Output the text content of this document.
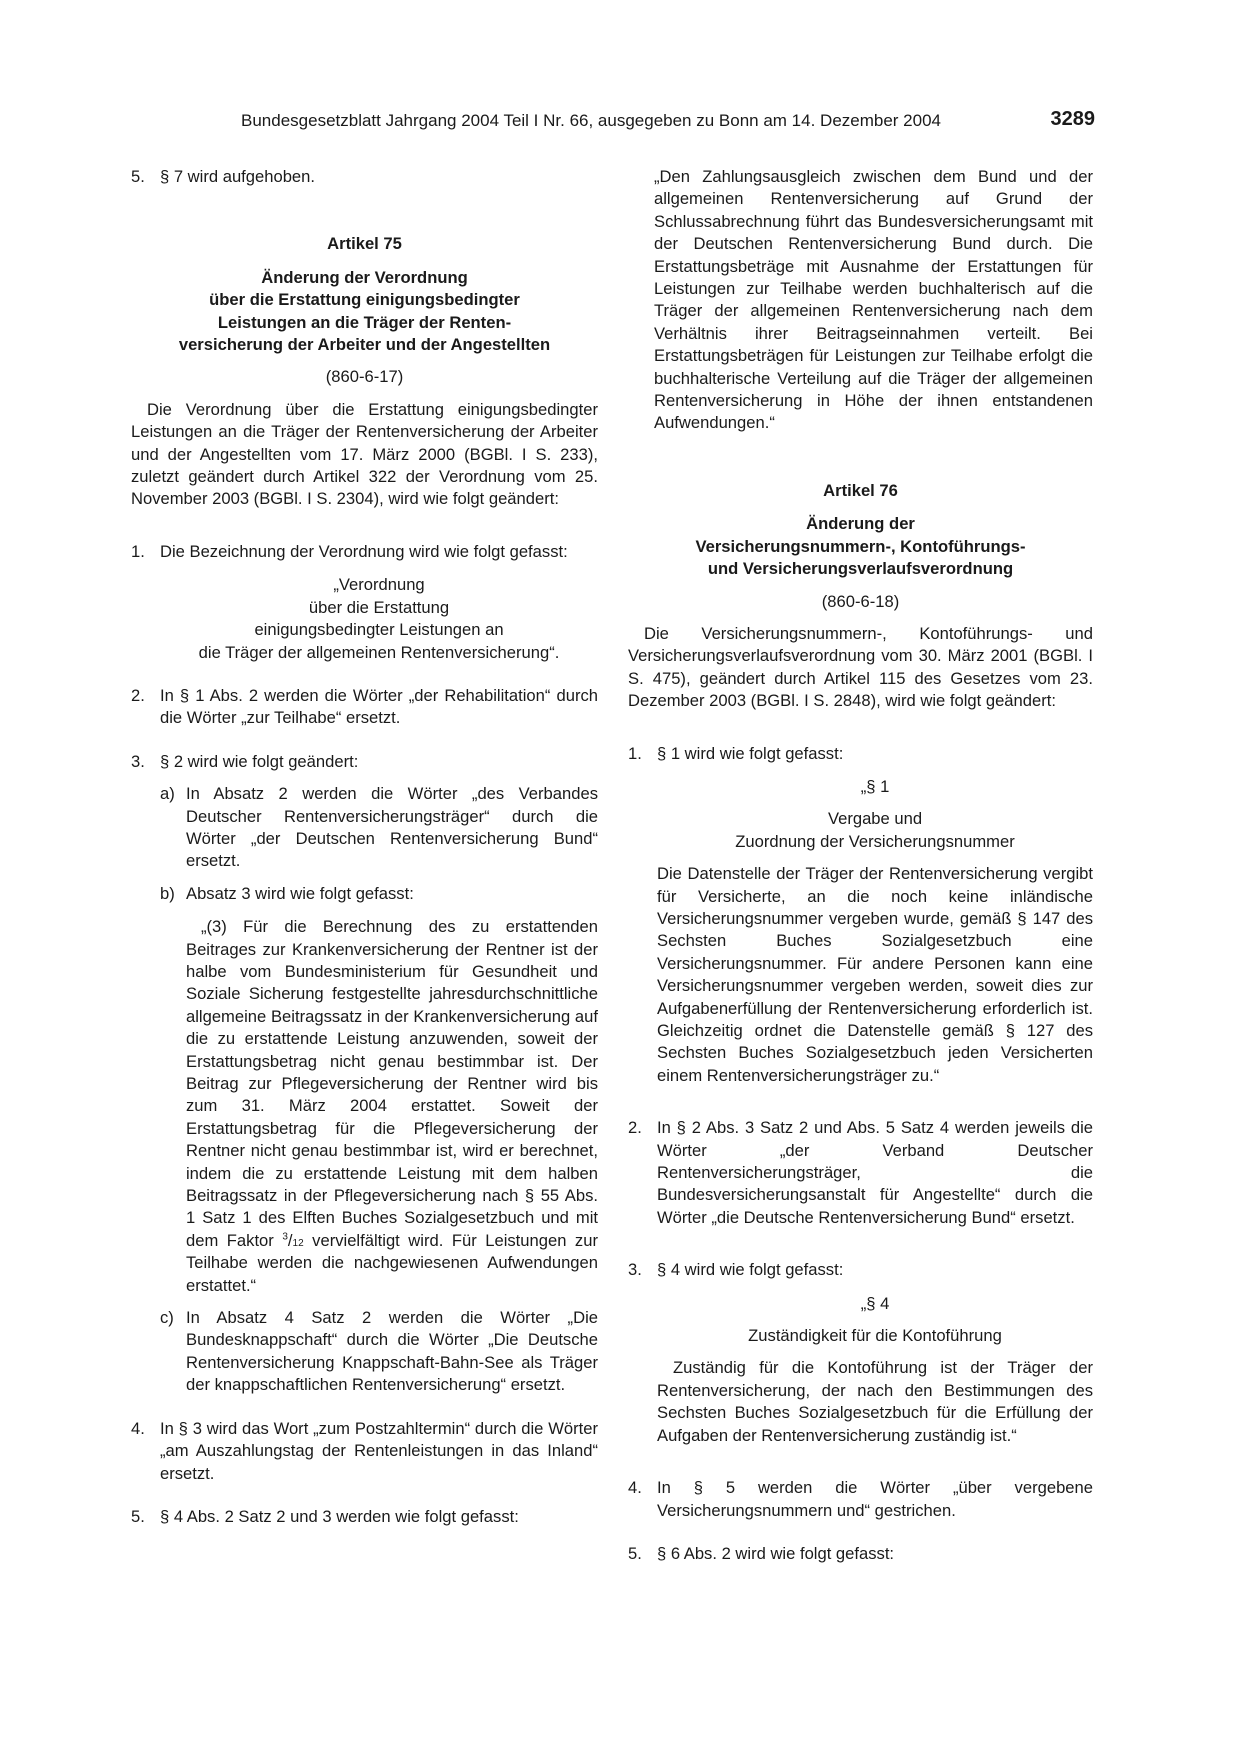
Bundesgesetzblatt Jahrgang 2004 Teil I Nr. 66, ausgegeben zu Bonn am 14. Dezember 2004	3289

5. § 7 wird aufgehoben.

Artikel 75

Änderung der Verordnung
über die Erstattung einigungsbedingter
Leistungen an die Träger der Renten-
versicherung der Arbeiter und der Angestellten

(860-6-17)

Die Verordnung über die Erstattung einigungsbedingter Leistungen an die Träger der Rentenversicherung der Arbeiter und der Angestellten vom 17. März 2000 (BGBl. I S. 233), zuletzt geändert durch Artikel 322 der Verordnung vom 25. November 2003 (BGBl. I S. 2304), wird wie folgt geändert:

1. Die Bezeichnung der Verordnung wird wie folgt gefasst:

„Verordnung
über die Erstattung
einigungsbedingter Leistungen an
die Träger der allgemeinen Rentenversicherung“.

2. In § 1 Abs. 2 werden die Wörter „der Rehabilitation“ durch die Wörter „zur Teilhabe“ ersetzt.

3. § 2 wird wie folgt geändert:

a) In Absatz 2 werden die Wörter „des Verbandes Deutscher Rentenversicherungsträger“ durch die Wörter „der Deutschen Rentenversicherung Bund“ ersetzt.

b) Absatz 3 wird wie folgt gefasst:

„(3) Für die Berechnung des zu erstattenden Beitrages zur Krankenversicherung der Rentner ist der halbe vom Bundesministerium für Gesundheit und Soziale Sicherung festgestellte jahresdurchschnittliche allgemeine Beitragssatz in der Krankenversicherung auf die zu erstattende Leistung anzuwenden, soweit der Erstattungsbetrag nicht genau bestimmbar ist. Der Beitrag zur Pflegeversicherung der Rentner wird bis zum 31. März 2004 erstattet. Soweit der Erstattungsbetrag für die Pflegeversicherung der Rentner nicht genau bestimmbar ist, wird er berechnet, indem die zu erstattende Leistung mit dem halben Beitragssatz in der Pflegeversicherung nach § 55 Abs. 1 Satz 1 des Elften Buches Sozialgesetzbuch und mit dem Faktor $^3$/12 vervielfältigt wird. Für Leistungen zur Teilhabe werden die nachgewiesenen Aufwendungen erstattet.“

c) In Absatz 4 Satz 2 werden die Wörter „Die Bundesknappschaft“ durch die Wörter „Die Deutsche Rentenversicherung Knappschaft-Bahn-See als Träger der knappschaftlichen Rentenversicherung“ ersetzt.

4. In § 3 wird das Wort „zum Postzahltermin“ durch die Wörter „am Auszahlungstag der Rentenleistungen in das Inland“ ersetzt.

5. § 4 Abs. 2 Satz 2 und 3 werden wie folgt gefasst:

„Den Zahlungsausgleich zwischen dem Bund und der allgemeinen Rentenversicherung auf Grund der Schlussabrechnung führt das Bundesversicherungsamt mit der Deutschen Rentenversicherung Bund durch. Die Erstattungsbeträge mit Ausnahme der Erstattungen für Leistungen zur Teilhabe werden buchhalterisch auf die Träger der allgemeinen Rentenversicherung nach dem Verhältnis ihrer Beitragseinnahmen verteilt. Bei Erstattungsbeträgen für Leistungen zur Teilhabe erfolgt die buchhalterische Verteilung auf die Träger der allgemeinen Rentenversicherung in Höhe der ihnen entstandenen Aufwendungen.“

Artikel 76

Änderung der
Versicherungsnummern-, Kontoführungs-
und Versicherungsverlaufsverordnung

(860-6-18)

Die Versicherungsnummern-, Kontoführungs- und Versicherungsverlaufsverordnung vom 30. März 2001 (BGBl. I S. 475), geändert durch Artikel 115 des Gesetzes vom 23. Dezember 2003 (BGBl. I S. 2848), wird wie folgt geändert:

1. § 1 wird wie folgt gefasst:

„§ 1

Vergabe und
Zuordnung der Versicherungsnummer

Die Datenstelle der Träger der Rentenversicherung vergibt für Versicherte, an die noch keine inländische Versicherungsnummer vergeben wurde, gemäß § 147 des Sechsten Buches Sozialgesetzbuch eine Versicherungsnummer. Für andere Personen kann eine Versicherungsnummer vergeben werden, soweit dies zur Aufgabenerfüllung der Rentenversicherung erforderlich ist. Gleichzeitig ordnet die Datenstelle gemäß § 127 des Sechsten Buches Sozialgesetzbuch jeden Versicherten einem Rentenversicherungsträger zu.“

2. In § 2 Abs. 3 Satz 2 und Abs. 5 Satz 4 werden jeweils die Wörter „der Verband Deutscher Rentenversicherungsträger, die Bundesversicherungsanstalt für Angestellte“ durch die Wörter „die Deutsche Rentenversicherung Bund“ ersetzt.

3. § 4 wird wie folgt gefasst:

„§ 4

Zuständigkeit für die Kontoführung

Zuständig für die Kontoführung ist der Träger der Rentenversicherung, der nach den Bestimmungen des Sechsten Buches Sozialgesetzbuch für die Erfüllung der Aufgaben der Rentenversicherung zuständig ist.“

4. In § 5 werden die Wörter „über vergebene Versicherungsnummern und“ gestrichen.

5. § 6 Abs. 2 wird wie folgt gefasst:
